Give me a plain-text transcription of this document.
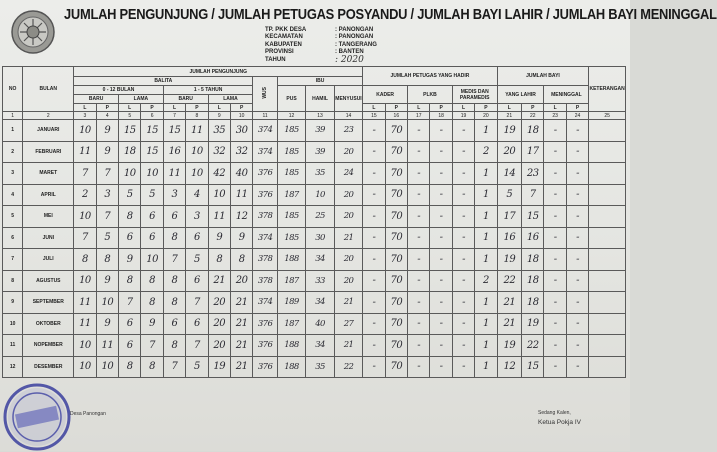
JUMLAH PENGUNJUNG / JUMLAH PETUGAS POSYANDU / JUMLAH BAYI LAHIR / JUMLAH BAYI MENINGGAL
TP. PKK DESA	: PANONGAN
KECAMATAN	: PANONGAN
KABUPATEN	: TANGERANG
PROVINSI	: BANTEN
TAHUN	: 2020
NO	BULAN	JUMLAH PENGUNJUNG												JUMLAH PETUGAS YANG HADIR						JUMLAH BAYI				KETERANGAN
		BALITA								WUS	IBU													
		0 - 12 BULAN				1 - 5 TAHUN					PUS	HAMIL	MENYUSUI	KADER		PLKB		MEDIS DAN PARAMEDIS		YANG LAHIR		MENINGGAL		
		BARU		LAMA		BARU		LAMA																
		L	P	L	P	L	P	L	P					L	P	L	P	L	P	L	P	L	P	
1	2	3	4	5	6	7	8	9	10	11	12	13	14	15	16	17	18	19	20	21	22	23	24	25
1	JANUARI	10	9	15	15	15	11	35	30	374	185	39	23	-	70	-	-	-	1	19	18	-	-	
2	FEBRUARI	11	9	18	15	16	10	32	32	374	185	39	20	-	70	-	-	-	2	20	17	-	-	
3	MARET	7	7	10	10	11	10	42	40	376	185	35	24	-	70	-	-	-	1	14	23	-	-	
4	APRIL	2	3	5	5	3	4	10	11	376	187	10	20	-	70	-	-	-	1	5	7	-	-	
5	MEI	10	7	8	6	6	3	11	12	378	185	25	20	-	70	-	-	-	1	17	15	-	-	
6	JUNI	7	5	6	6	8	6	9	9	374	185	30	21	-	70	-	-	-	1	16	16	-	-	
7	JULI	8	8	9	10	7	5	8	8	378	188	34	20	-	70	-	-	-	1	19	18	-	-	
8	AGUSTUS	10	9	8	8	8	6	21	20	378	187	33	20	-	70	-	-	-	2	22	18	-	-	
9	SEPTEMBER	11	10	7	8	8	7	20	21	374	189	34	21	-	70	-	-	-	1	21	18	-	-	
10	OKTOBER	11	9	6	9	6	6	20	21	376	187	40	27	-	70	-	-	-	1	21	19	-	-	
11	NOPEMBER	10	11	6	7	8	7	20	21	376	188	34	21	-	70	-	-	-	1	19	22	-	-	
12	DESEMBER	10	10	8	8	7	5	19	21	376	188	35	22	-	70	-	-	-	1	12	15	-	-	
Desa Panongan	Sedang Kalen,
Ketua Pokja IV
